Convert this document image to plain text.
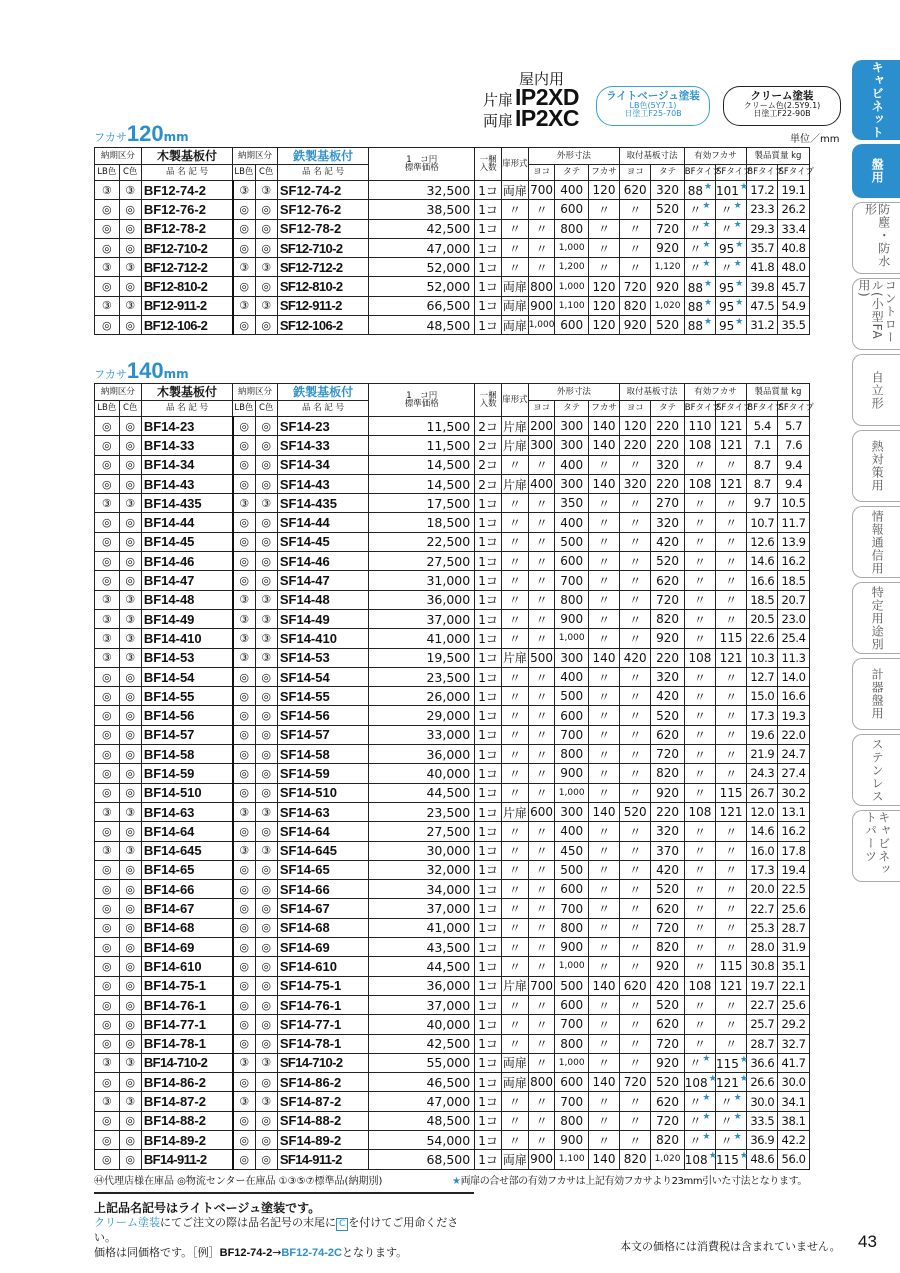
屋内用
片扉IP2XD
両扉IP2XC
ライトベージュ塗装
LB色(5Y7.1)
日塗工F25-70B
クリーム塗装
クリーム色(2.5Y9.1)
日塗工F22-90B
単位／mm
フカサ120mm
フカサ140mm
納期区分		木製基板付	納期区分		鉄製基板付	1　コ円
標準価格	一梱
入数	扉形式	外形寸法			取付基板寸法		有効フカサ		製品質量 kg	
LB色	C色	品 名 記 号	LB色	C色	品 名 記 号				ヨコ	タテ	フカサ	ヨコ	タテ	BFタイプ	SFタイプ	BFタイプ	SFタイプ
③	③	BF12-74-2	③	③	SF12-74-2	32,500	1コ	両扉	700	400	120	620	320	88★	101★	17.2	19.1
◎	◎	BF12-76-2	◎	◎	SF12-76-2	38,500	1コ	〃	〃	600	〃	〃	520	〃★	〃★	23.3	26.2
◎	◎	BF12-78-2	◎	◎	SF12-78-2	42,500	1コ	〃	〃	800	〃	〃	720	〃★	〃★	29.3	33.4
◎	◎	BF12-710-2	◎	◎	SF12-710-2	47,000	1コ	〃	〃	1,000	〃	〃	920	〃★	95★	35.7	40.8
③	③	BF12-712-2	③	③	SF12-712-2	52,000	1コ	〃	〃	1,200	〃	〃	1,120	〃★	〃★	41.8	48.0
◎	◎	BF12-810-2	◎	◎	SF12-810-2	52,000	1コ	両扉	800	1,000	120	720	920	88★	95★	39.8	45.7
③	③	BF12-911-2	③	③	SF12-911-2	66,500	1コ	両扉	900	1,100	120	820	1,020	88★	95★	47.5	54.9
◎	◎	BF12-106-2	◎	◎	SF12-106-2	48,500	1コ	両扉	1,000	600	120	920	520	88★	95★	31.2	35.5
納期区分		木製基板付	納期区分		鉄製基板付	1　コ円
標準価格	一梱
入数	扉形式	外形寸法			取付基板寸法		有効フカサ		製品質量 kg	
LB色	C色	品 名 記 号	LB色	C色	品 名 記 号				ヨコ	タテ	フカサ	ヨコ	タテ	BFタイプ	SFタイプ	BFタイプ	SFタイプ
◎	◎	BF14-23	◎	◎	SF14-23	11,500	2コ	片扉	200	300	140	120	220	110	121	5.4	5.7
◎	◎	BF14-33	◎	◎	SF14-33	11,500	2コ	片扉	300	300	140	220	220	108	121	7.1	7.6
◎	◎	BF14-34	◎	◎	SF14-34	14,500	2コ	〃	〃	400	〃	〃	320	〃	〃	8.7	9.4
◎	◎	BF14-43	◎	◎	SF14-43	14,500	2コ	片扉	400	300	140	320	220	108	121	8.7	9.4
③	③	BF14-435	③	③	SF14-435	17,500	1コ	〃	〃	350	〃	〃	270	〃	〃	9.7	10.5
◎	◎	BF14-44	◎	◎	SF14-44	18,500	1コ	〃	〃	400	〃	〃	320	〃	〃	10.7	11.7
◎	◎	BF14-45	◎	◎	SF14-45	22,500	1コ	〃	〃	500	〃	〃	420	〃	〃	12.6	13.9
◎	◎	BF14-46	◎	◎	SF14-46	27,500	1コ	〃	〃	600	〃	〃	520	〃	〃	14.6	16.2
◎	◎	BF14-47	◎	◎	SF14-47	31,000	1コ	〃	〃	700	〃	〃	620	〃	〃	16.6	18.5
③	③	BF14-48	③	③	SF14-48	36,000	1コ	〃	〃	800	〃	〃	720	〃	〃	18.5	20.7
③	③	BF14-49	③	③	SF14-49	37,000	1コ	〃	〃	900	〃	〃	820	〃	〃	20.5	23.0
③	③	BF14-410	③	③	SF14-410	41,000	1コ	〃	〃	1,000	〃	〃	920	〃	115	22.6	25.4
③	③	BF14-53	③	③	SF14-53	19,500	1コ	片扉	500	300	140	420	220	108	121	10.3	11.3
◎	◎	BF14-54	◎	◎	SF14-54	23,500	1コ	〃	〃	400	〃	〃	320	〃	〃	12.7	14.0
◎	◎	BF14-55	◎	◎	SF14-55	26,000	1コ	〃	〃	500	〃	〃	420	〃	〃	15.0	16.6
◎	◎	BF14-56	◎	◎	SF14-56	29,000	1コ	〃	〃	600	〃	〃	520	〃	〃	17.3	19.3
◎	◎	BF14-57	◎	◎	SF14-57	33,000	1コ	〃	〃	700	〃	〃	620	〃	〃	19.6	22.0
◎	◎	BF14-58	◎	◎	SF14-58	36,000	1コ	〃	〃	800	〃	〃	720	〃	〃	21.9	24.7
◎	◎	BF14-59	◎	◎	SF14-59	40,000	1コ	〃	〃	900	〃	〃	820	〃	〃	24.3	27.4
◎	◎	BF14-510	◎	◎	SF14-510	44,500	1コ	〃	〃	1,000	〃	〃	920	〃	115	26.7	30.2
③	③	BF14-63	③	③	SF14-63	23,500	1コ	片扉	600	300	140	520	220	108	121	12.0	13.1
◎	◎	BF14-64	◎	◎	SF14-64	27,500	1コ	〃	〃	400	〃	〃	320	〃	〃	14.6	16.2
③	③	BF14-645	③	③	SF14-645	30,000	1コ	〃	〃	450	〃	〃	370	〃	〃	16.0	17.8
◎	◎	BF14-65	◎	◎	SF14-65	32,000	1コ	〃	〃	500	〃	〃	420	〃	〃	17.3	19.4
◎	◎	BF14-66	◎	◎	SF14-66	34,000	1コ	〃	〃	600	〃	〃	520	〃	〃	20.0	22.5
◎	◎	BF14-67	◎	◎	SF14-67	37,000	1コ	〃	〃	700	〃	〃	620	〃	〃	22.7	25.6
◎	◎	BF14-68	◎	◎	SF14-68	41,000	1コ	〃	〃	800	〃	〃	720	〃	〃	25.3	28.7
◎	◎	BF14-69	◎	◎	SF14-69	43,500	1コ	〃	〃	900	〃	〃	820	〃	〃	28.0	31.9
◎	◎	BF14-610	◎	◎	SF14-610	44,500	1コ	〃	〃	1,000	〃	〃	920	〃	115	30.8	35.1
◎	◎	BF14-75-1	◎	◎	SF14-75-1	36,000	1コ	片扉	700	500	140	620	420	108	121	19.7	22.1
◎	◎	BF14-76-1	◎	◎	SF14-76-1	37,000	1コ	〃	〃	600	〃	〃	520	〃	〃	22.7	25.6
◎	◎	BF14-77-1	◎	◎	SF14-77-1	40,000	1コ	〃	〃	700	〃	〃	620	〃	〃	25.7	29.2
◎	◎	BF14-78-1	◎	◎	SF14-78-1	42,500	1コ	〃	〃	800	〃	〃	720	〃	〃	28.7	32.7
③	③	BF14-710-2	③	③	SF14-710-2	55,000	1コ	両扉	〃	1,000	〃	〃	920	〃★	115★	36.6	41.7
◎	◎	BF14-86-2	◎	◎	SF14-86-2	46,500	1コ	両扉	800	600	140	720	520	108★	121★	26.6	30.0
③	③	BF14-87-2	③	③	SF14-87-2	47,000	1コ	〃	〃	700	〃	〃	620	〃★	〃★	30.0	34.1
◎	◎	BF14-88-2	◎	◎	SF14-88-2	48,500	1コ	〃	〃	800	〃	〃	720	〃★	〃★	33.5	38.1
◎	◎	BF14-89-2	◎	◎	SF14-89-2	54,000	1コ	〃	〃	900	〃	〃	820	〃★	〃★	36.9	42.2
◎	◎	BF14-911-2	◎	◎	SF14-911-2	68,500	1コ	両扉	900	1,100	140	820	1,020	108★	115★	48.6	56.0
㊹代理店様在庫品 ◎物流センター在庫品 ①③⑤⑦標準品(納期別)	★両扉の合せ部の有効フカサは上記有効フカサより23mm引いた寸法となります。
上記品名記号はライトベージュ塗装です。
クリーム塗装にてご注文の際は品名記号の末尾に C を付けてご用命ください。
価格は同価格です。［例］BF12-74-2→BF12-74-2Cとなります。	本文の価格には消費税は含まれていません。 43
キャビネット
盤用
防塵・防水形
コントロール(小型FA用)
自立形
熱対策用
情報通信用
特定用途別
計器盤用
ステンレス
キャビネットパーツ
